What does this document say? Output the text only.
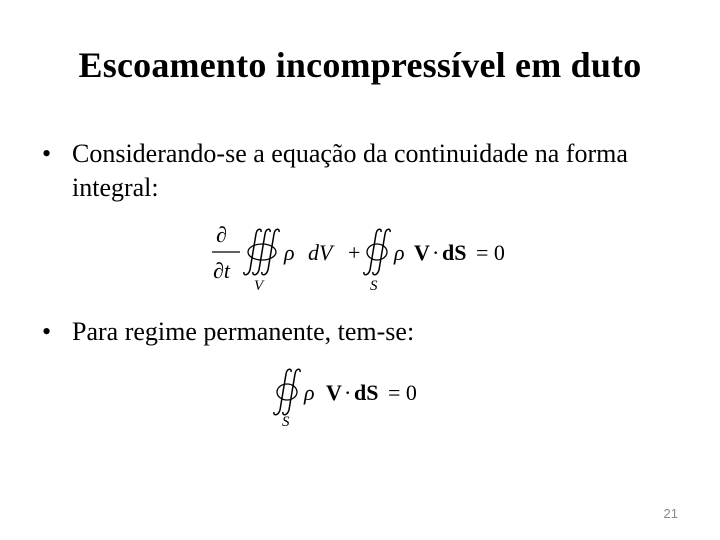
Escoamento incompressível em duto
• Considerando-se a equação da continuidade na forma integral:
∂
∂t
V
ρ dV +
S
ρ V · dS = 0
• Para regime permanente, tem-se:
S
ρ V · dS = 0
21
